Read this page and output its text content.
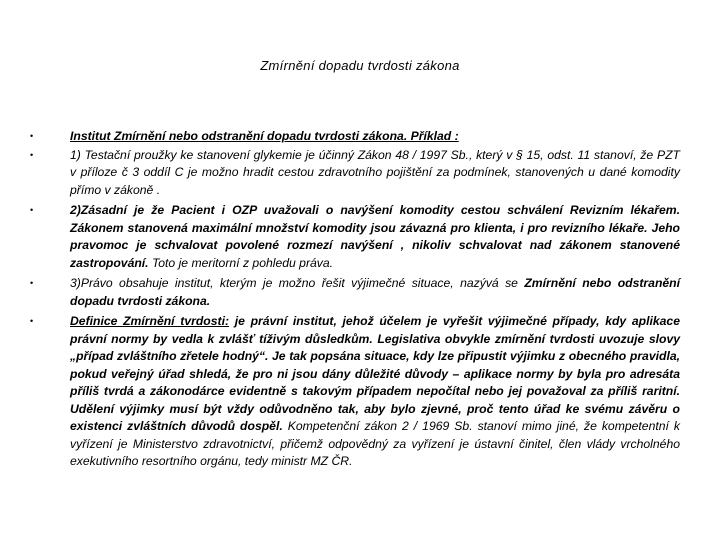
Zmírnění dopadu tvrdosti zákona
•	Institut Zmírnění nebo odstranění dopadu tvrdosti zákona. Příklad :
•	1) Testační proužky ke stanovení glykemie je účinný Zákon 48 / 1997 Sb., který v § 15, odst. 11 stanoví, že PZT v příloze č 3 oddíl C je možno hradit cestou zdravotního pojištění za podmínek, stanovených u dané komodity přímo v zákoně .
•	2)Zásadní je že Pacient i OZP uvažovali o navýšení komodity cestou schválení Revizním lékařem. Zákonem stanovená maximální množství komodity jsou závazná pro klienta, i pro revizního lékaře. Jeho pravomoc je schvalovat povolené rozmezí navýšení , nikoliv schvalovat nad zákonem stanovené zastropování. Toto je meritorní z pohledu práva.
•	3)Právo obsahuje institut, kterým je možno řešit výjimečné situace, nazývá se Zmírnění nebo odstranění dopadu tvrdosti zákona.
•	Definice Zmírnění tvrdosti: je právní institut, jehož účelem je vyřešit výjimečné případy, kdy aplikace právní normy by vedla k zvlášť tíživým důsledkům. Legislativa obvykle zmírnění tvrdosti uvozuje slovy „případ zvláštního zřetele hodný“. Je tak popsána situace, kdy lze připustit výjimku z obecného pravidla, pokud veřejný úřad shledá, že pro ni jsou dány důležité důvody – aplikace normy by byla pro adresáta příliš tvrdá a zákonodárce evidentně s takovým případem nepočítal nebo jej považoval za příliš raritní. Udělení výjimky musí být vždy odůvodněno tak, aby bylo zjevné, proč tento úřad ke svému závěru o existenci zvláštních důvodů dospěl. Kompetenční zákon 2 / 1969 Sb. stanoví mimo jiné, že kompetentní k vyřízení je Ministerstvo zdravotnictví, přičemž odpovědný za vyřízení je ústavní činitel, člen vlády vrcholného exekutivního resortního orgánu, tedy ministr MZ ČR.
